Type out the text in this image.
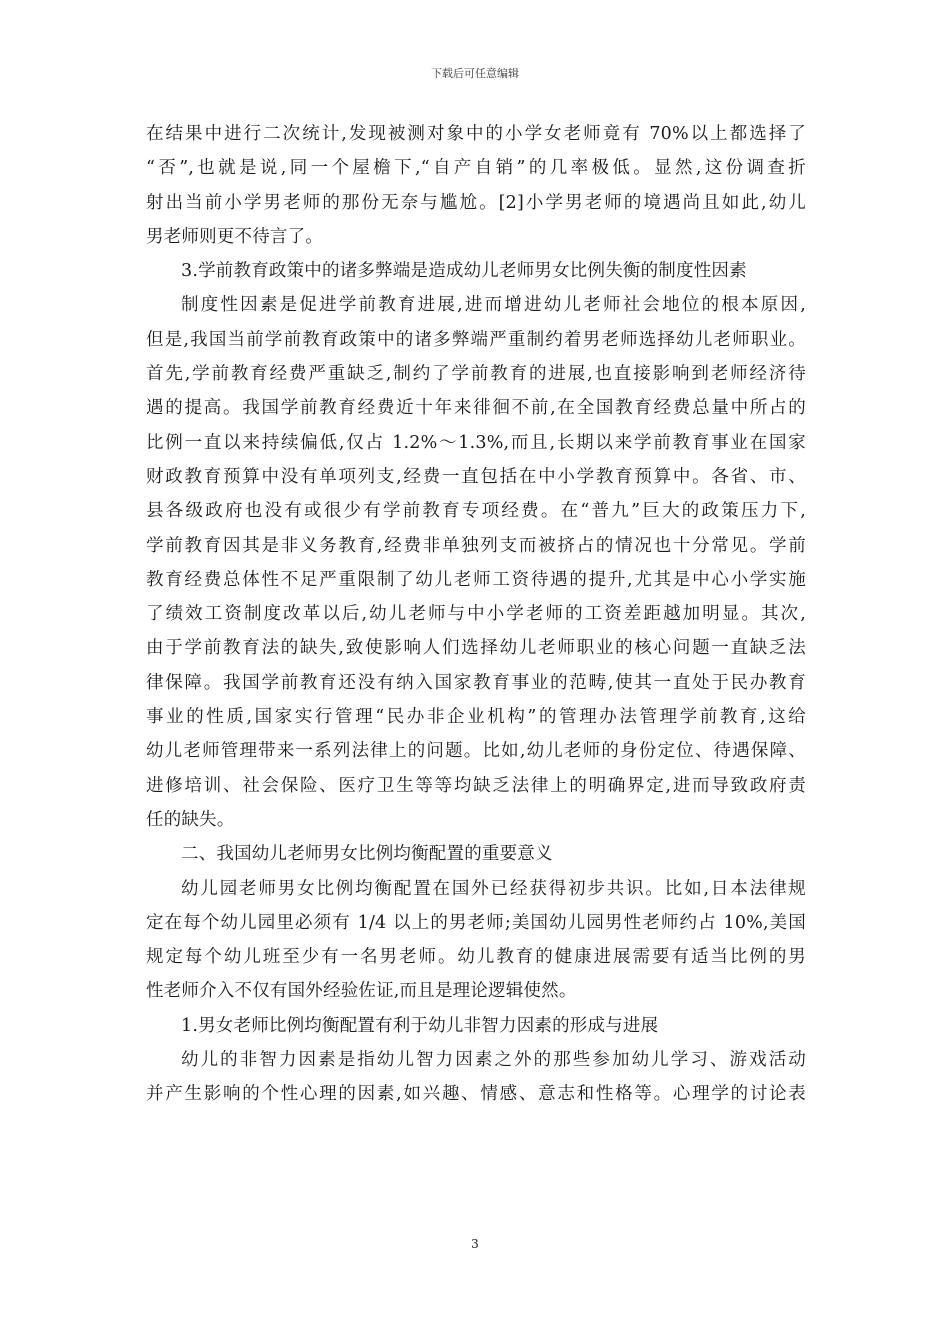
下载后可任意编辑
在结果中进行二次统计,发现被测对象中的小学女老师竟有 70%以上都选择了
“否”,也就是说,同一个屋檐下,“自产自销”的几率极低。显然,这份调查折
射出当前小学男老师的那份无奈与尴尬。[2]小学男老师的境遇尚且如此,幼儿
男老师则更不待言了。
3.学前教育政策中的诸多弊端是造成幼儿老师男女比例失衡的制度性因素
制度性因素是促进学前教育进展,进而增进幼儿老师社会地位的根本原因,
但是,我国当前学前教育政策中的诸多弊端严重制约着男老师选择幼儿老师职业。
首先,学前教育经费严重缺乏,制约了学前教育的进展,也直接影响到老师经济待
遇的提高。我国学前教育经费近十年来徘徊不前,在全国教育经费总量中所占的
比例一直以来持续偏低,仅占 1.2%～1.3%,而且,长期以来学前教育事业在国家
财政教育预算中没有单项列支,经费一直包括在中小学教育预算中。各省、市、
县各级政府也没有或很少有学前教育专项经费。在“普九”巨大的政策压力下,
学前教育因其是非义务教育,经费非单独列支而被挤占的情况也十分常见。学前
教育经费总体性不足严重限制了幼儿老师工资待遇的提升,尤其是中心小学实施
了绩效工资制度改革以后,幼儿老师与中小学老师的工资差距越加明显。其次,
由于学前教育法的缺失,致使影响人们选择幼儿老师职业的核心问题一直缺乏法
律保障。我国学前教育还没有纳入国家教育事业的范畴,使其一直处于民办教育
事业的性质,国家实行管理“民办非企业机构”的管理办法管理学前教育,这给
幼儿老师管理带来一系列法律上的问题。比如,幼儿老师的身份定位、待遇保障、
进修培训、社会保险、医疗卫生等等均缺乏法律上的明确界定,进而导致政府责
任的缺失。
二、我国幼儿老师男女比例均衡配置的重要意义
幼儿园老师男女比例均衡配置在国外已经获得初步共识。比如,日本法律规
定在每个幼儿园里必须有 1/4 以上的男老师;美国幼儿园男性老师约占 10%,美国
规定每个幼儿班至少有一名男老师。幼儿教育的健康进展需要有适当比例的男
性老师介入不仅有国外经验佐证,而且是理论逻辑使然。
1.男女老师比例均衡配置有利于幼儿非智力因素的形成与进展
幼儿的非智力因素是指幼儿智力因素之外的那些参加幼儿学习、游戏活动
并产生影响的个性心理的因素,如兴趣、情感、意志和性格等。心理学的讨论表
3
